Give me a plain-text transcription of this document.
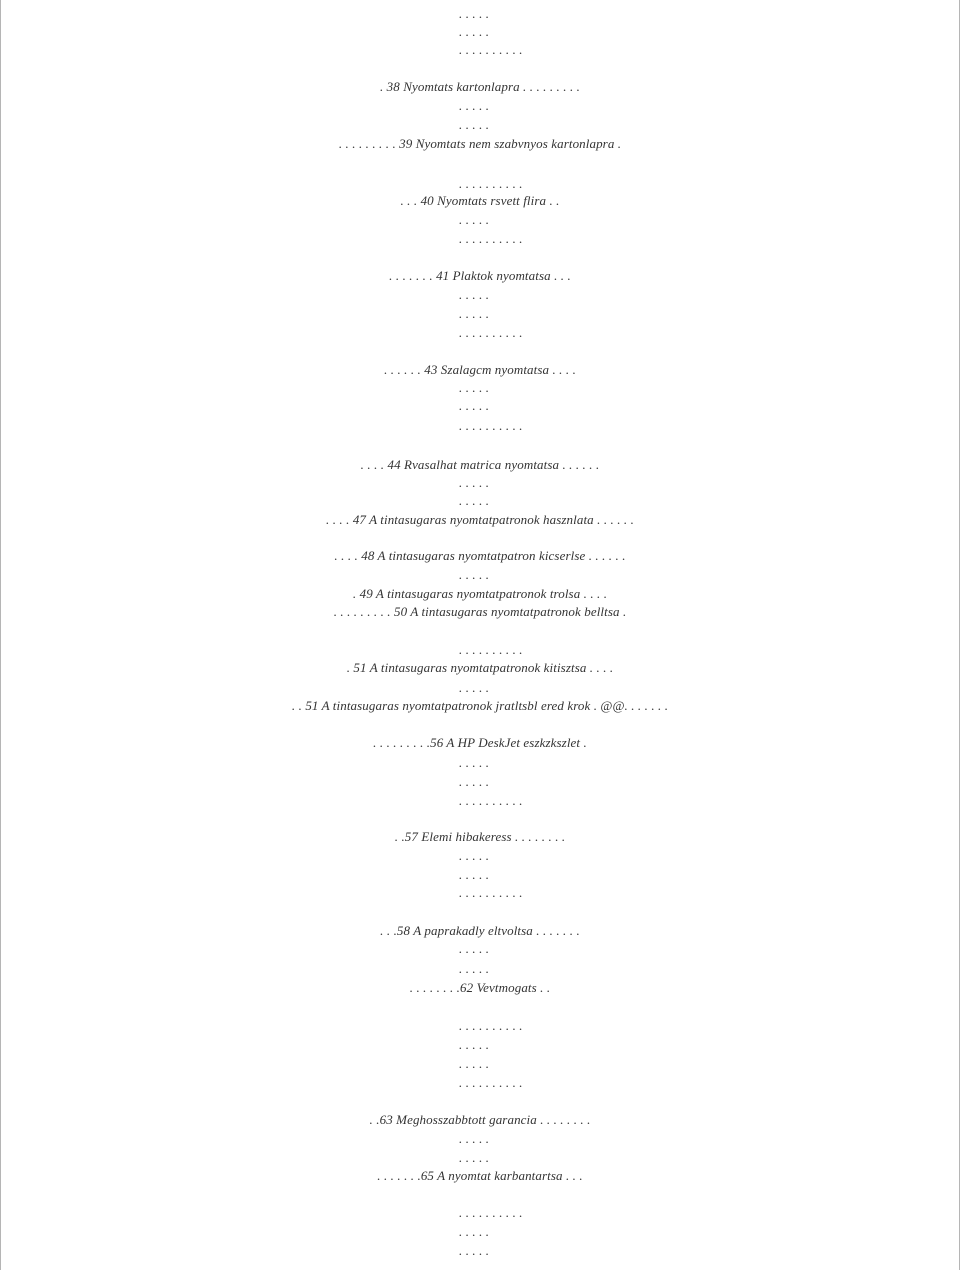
. . . . .
. . . . .
. . . . . . . . . .
. 38 Nyomtats kartonlapra . . . . . . . . .
. . . . .
. . . . .
. . . . . . . . . 39 Nyomtats nem szabvnyos kartonlapra .
. . . . . . . . . .
. . . 40 Nyomtats rsvett flira . .
. . . . .
. . . . . . . . . .
. . . . . . . 41 Plaktok nyomtatsa . . .
. . . . .
. . . . .
. . . . . . . . . .
. . . . . . 43 Szalagcm nyomtatsa . . . .
. . . . .
. . . . .
. . . . . . . . . .
. . . . 44 Rvasalhat matrica nyomtatsa . . . . . .
. . . . .
. . . . .
. . . . 47 A tintasugaras nyomtatpatronok hasznlata . . . . . .
. . . . 48 A tintasugaras nyomtatpatron kicserlse . . . . . .
. . . . .
. 49 A tintasugaras nyomtatpatronok trolsa . . . .
. . . . . . . . . 50 A tintasugaras nyomtatpatronok belltsa .
. . . . . . . . . .
. 51 A tintasugaras nyomtatpatronok kitisztsa . . . .
. . . . .
. . 51 A tintasugaras nyomtatpatronok jratltsbl ered krok . @@. . . . . . .
. . . . . . . . .56 A HP DeskJet eszkzkszlet .
. . . . .
. . . . .
. . . . . . . . . .
. .57 Elemi hibakeress . . . . . . . .
. . . . .
. . . . .
. . . . . . . . . .
. . .58 A paprakadly eltvoltsa . . . . . . .
. . . . .
. . . . .
. . . . . . . .62 Vevtmogats . .
. . . . . . . . . .
. . . . .
. . . . .
. . . . . . . . . .
. .63 Meghosszabbtott garancia . . . . . . . .
. . . . .
. . . . .
. . . . . . .65 A nyomtat karbantartsa . . .
. . . . . . . . . .
. . . . .
. . . . .
